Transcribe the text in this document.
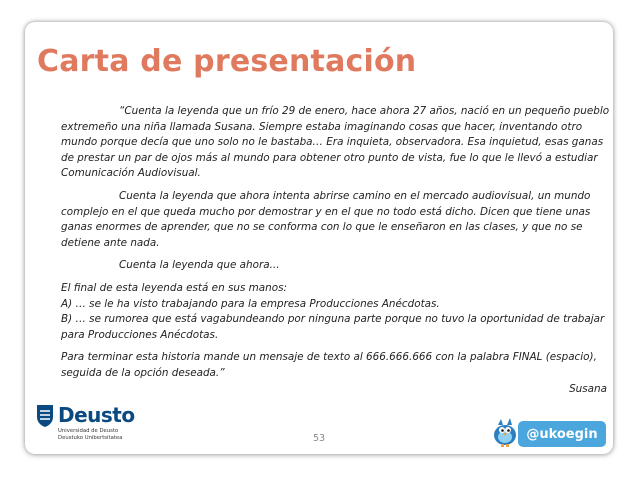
Carta de presentación

“Cuenta la leyenda que un frío 29 de enero, hace ahora 27 años, nació en un pequeño pueblo extremeño una niña llamada Susana. Siempre estaba imaginando cosas que hacer, inventando otro mundo porque decía que uno solo no le bastaba… Era inquieta, observadora. Esa inquietud, esas ganas de prestar un par de ojos más al mundo para obtener otro punto de vista, fue lo que le llevó a estudiar Comunicación Audiovisual.

Cuenta la leyenda que ahora intenta abrirse camino en el mercado audiovisual, un mundo complejo en el que queda mucho por demostrar y en el que no todo está dicho. Dicen que tiene unas ganas enormes de aprender, que no se conforma con lo que le enseñaron en las clases, y que no se detiene ante nada.

Cuenta la leyenda que ahora...

El final de esta leyenda está en sus manos:

A) … se le ha visto trabajando para la empresa Producciones Anécdotas.

B) … se rumorea que está vagabundeando por ninguna parte porque no tuvo la oportunidad de trabajar para Producciones Anécdotas.

Para terminar esta historia mande un mensaje de texto al 666.666.666 con la palabra FINAL (espacio), seguida de la opción deseada.”

Susana

Deusto
Universidad de Deusto
Deustuko Unibertsitatea	53	@ukoegin
